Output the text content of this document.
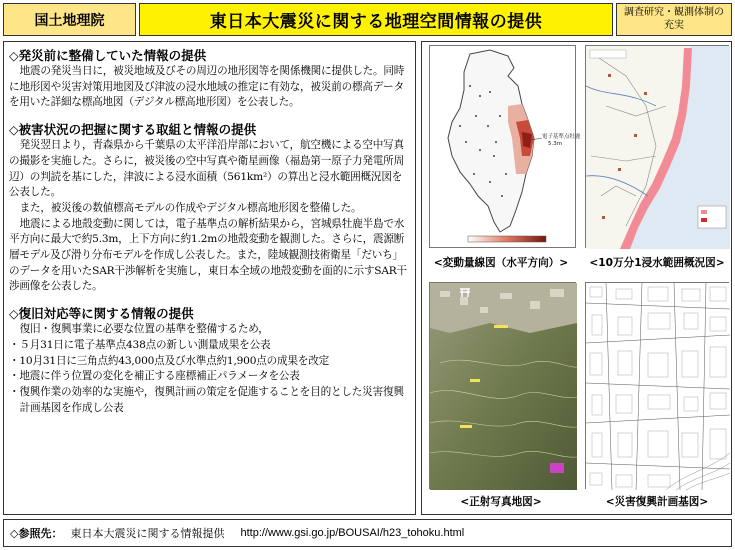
国土地理院	東日本大震災に関する地理空間情報の提供	調査研究・観測体制の充実
◇発災前に整備していた情報の提供

地震の発災当日に，被災地域及びその周辺の地形図等を関係機関に提供した。同時に地形図や災害対策用地図及び津波の浸水地域の推定に有効な，被災前の標高データを用いた詳細な標高地図（デジタル標高地形図）を公表した。

◇被害状況の把握に関する取組と情報の提供

発災翌日より，青森県から千葉県の太平洋沿岸部において，航空機による空中写真の撮影を実施した。さらに，被災後の空中写真や衛星画像（福島第一原子力発電所周辺）の判読を基にした，津波による浸水面積（561km²）の算出と浸水範囲概況図を公表した。

また，被災後の数値標高モデルの作成やデジタル標高地形図を整備した。

地震による地殻変動に関しては，電子基準点の解析結果から，宮城県牡鹿半島で水平方向に最大で約5.3m，上下方向に約1.2mの地殻変動を観測した。さらに，震源断層モデル及び滑り分布モデルを作成し公表した。また，陸域観測技術衛星「だいち」のデータを用いたSAR干渉解析を実施し，東日本全域の地殻変動を面的に示すSAR干渉画像を公表した。

◇復旧対応等に関する情報の提供

復旧・復興事業に必要な位置の基準を整備するため，

・５月31日に電子基準点438点の新しい測量成果を公表
・10月31日に三角点約43,000点及び水準点約1,900点の成果を改定
・地震に伴う位置の変化を補正する座標補正パラメータを公表
・復興作業の効率的な実施や，復興計画の策定を促進することを目的とした災害復興計画基図を作成し公表
電子基準点牡鹿
5.3m
<変動量線図（水平方向）>	<10万分1浸水範囲概況図>
<正射写真地図>	<災害復興計画基図>
◇参照先： 東日本大震災に関する情報提供 http://www.gsi.go.jp/BOUSAI/h23_tohoku.html
